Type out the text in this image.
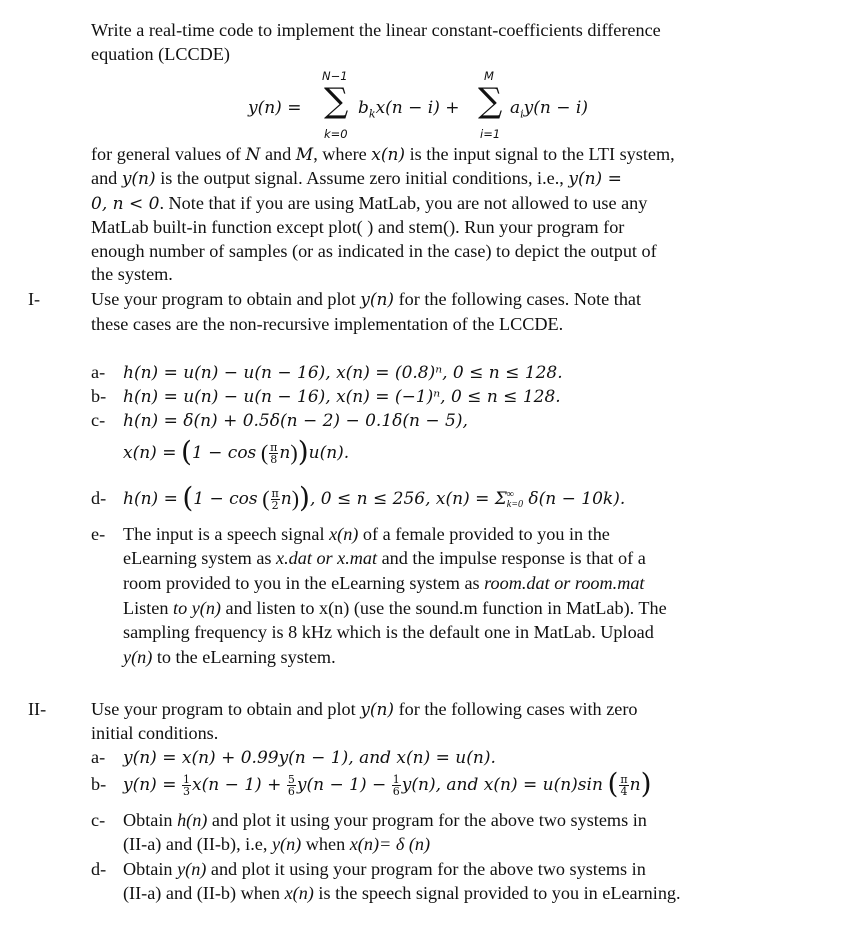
Write a real-time code to implement the linear constant-coefficients difference
equation (LCCDE)
y(n) =
N−1
∑
k=0
$b_kx(n - i)$ +
M
∑
i=1
$a_iy(n - i)$
for general values of N and M, where x(n) is the input signal to the LTI system,
and y(n) is the output signal. Assume zero initial conditions, i.e., y(n) =
0, n < 0. Note that if you are using MatLab, you are not allowed to use any
MatLab built-in function except plot( ) and stem(). Run your program for
enough number of samples (or as indicated in the case) to depict the output of
the system.
I-	Use your program to obtain and plot y(n) for the following cases. Note that
these cases are the non-recursive implementation of the LCCDE.
a- h(n) = u(n) − u(n − 16), x(n) = (0.8)ⁿ, 0 ≤ n ≤ 128.
b- h(n) = u(n) − u(n − 16), x(n) = (−1)ⁿ, 0 ≤ n ≤ 128.
c- h(n) = δ(n) + 0.5δ(n − 2) − 0.1δ(n − 5),
x(n) = (1 − cos ( $\frac{\pi}{8} n))u(n)$.
d- h(n) = (1 − cos ( $\frac{\pi}{2} n$)), 0 ≤ n ≤ 256, x(n) = Σ ∞
k=0 δ(n − 10k).
e- The input is a speech signal x(n) of a female provided to you in the
eLearning system as x.dat or x.mat and the impulse response is that of a
room provided to you in the eLearning system as room.dat or room.mat
Listen to y(n) and listen to x(n) (use the sound.m function in MatLab). The
sampling frequency is 8 kHz which is the default one in MatLab. Upload
y(n) to the eLearning system.
II- Use your program to obtain and plot y(n) for the following cases with zero
initial conditions.
a- y(n) = x(n) + 0.99y(n − 1), and x(n) = u(n).
b- $y(n) = \frac{1}{3} x(n - 1) + \frac{5}{6} y(n - 1) - \frac{1}{6} y(n)$, and x(n) = u(n)sin ( $\frac{\pi}{4} n$)
c- Obtain h(n) and plot it using your program for the above two systems in
(II-a) and (II-b), i.e, y(n) when x(n)= δ (n)
d- Obtain y(n) and plot it using your program for the above two systems in
(II-a) and (II-b) when x(n) is the speech signal provided to you in eLearning.
